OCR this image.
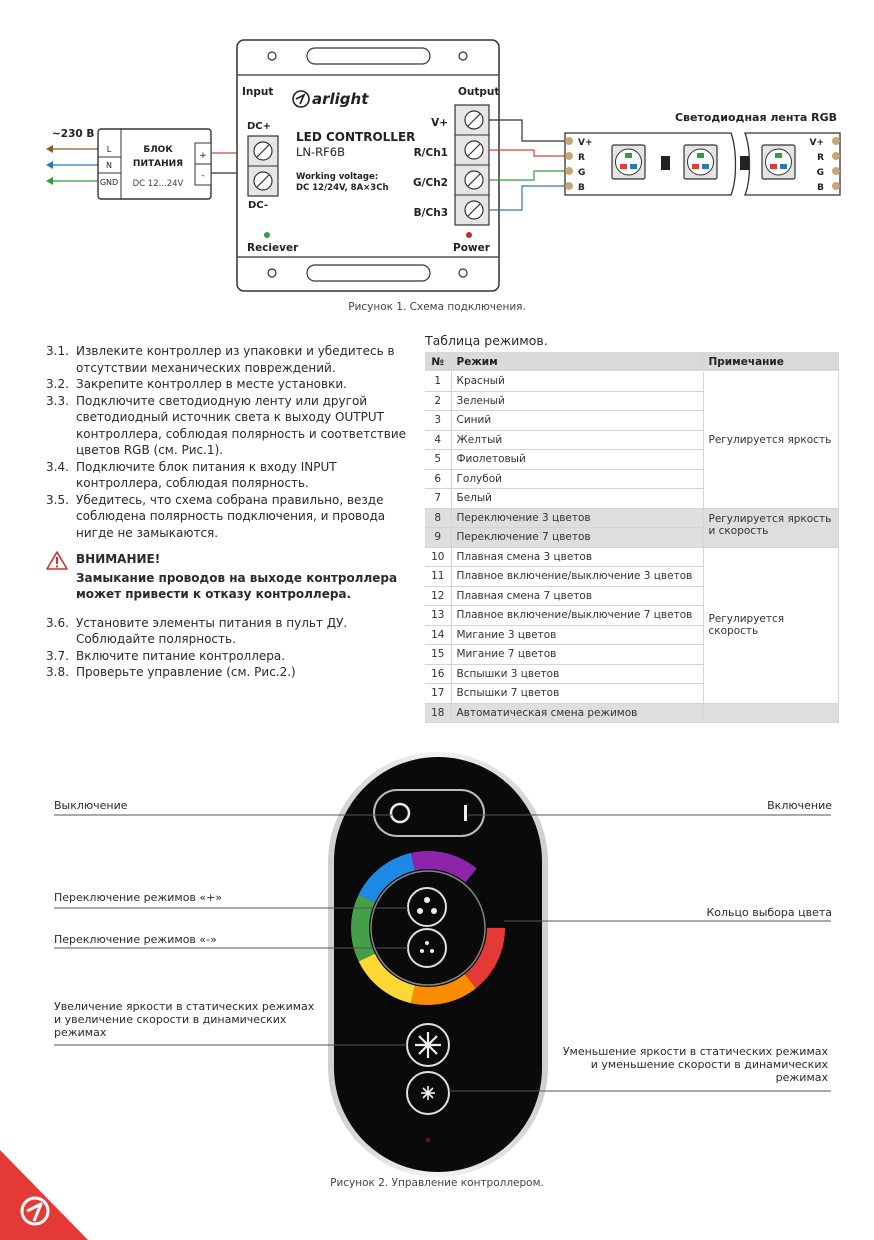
~230 В
L
N
GND
БЛОК
ПИТАНИЯ
DC 12...24V
+
-
Input	Output
DC+
DC-
arlight
LED CONTROLLER
LN-RF6B
Working voltage:
DC 12/24V, 8A×3Ch
V+
R/Ch1
G/Ch2
B/Ch3
Reciever	Power
Светодиодная лента RGB
V+
R
G
B
V+
R
G
B
Рисунок 1. Схема подключения.
3.1. Извлеките контроллер из упаковки и убедитесь в отсутствии механических повреждений.
3.2. Закрепите контроллер в месте установки.
3.3. Подключите светодиодную ленту или другой светодиодный источник света к выходу OUTPUT контроллера, соблюдая полярность и соответствие цветов RGB (см. Рис.1).
3.4. Подключите блок питания к входу INPUT контроллера, соблюдая полярность.
3.5. Убедитесь, что схема собрана правильно, везде соблюдена полярность подключения, и провода нигде не замыкаются.
ВНИМАНИЕ!
Замыкание проводов на выходе контроллера может привести к отказу контроллера.
3.6. Установите элементы питания в пульт ДУ. Соблюдайте полярность.
3.7. Включите питание контроллера.
3.8. Проверьте управление (см. Рис.2.)
Таблица режимов.
№	Режим	Примечание
1	Красный	Регулируется яркость
2	Зеленый	
3	Синий	
4	Желтый	
5	Фиолетовый	
6	Голубой	
7	Белый	
8	Переключение 3 цветов	Регулируется яркость
и скорость

9	Переключение 7 цветов	
10	Плавная смена 3 цветов	Регулируется
скорость

11	Плавное включение/выключение 3 цветов	
12	Плавная смена 7 цветов	
13	Плавное включение/выключение 7 цветов	
14	Мигание 3 цветов	
15	Мигание 7 цветов	
16	Вспышки 3 цветов	
17	Вспышки 7 цветов	
18	Автоматическая смена режимов	
Выключение	Включение
Переключение режимов «+»
Переключение режимов «-»
Кольцо выбора цвета
Увеличение яркости в статических режимах
и увеличение скорости в динамических
режимах
Уменьшение яркости в статических режимах
и уменьшение скорости в динамических
режимах
Рисунок 2. Управление контроллером.
